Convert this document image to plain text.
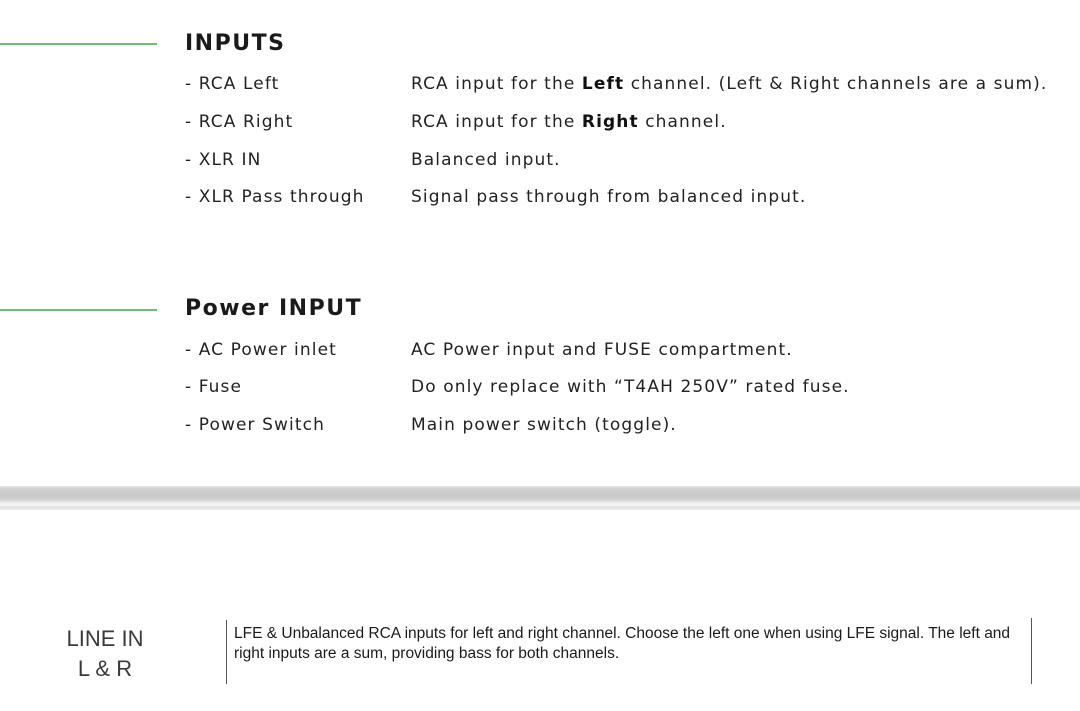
INPUTS
- RCA Left	RCA input for the Left channel. (Left & Right channels are a sum).
- RCA Right	RCA input for the Right channel.
- XLR IN	Balanced input.
- XLR Pass through	Signal pass through from balanced input.
Power INPUT
- AC Power inlet	AC Power input and FUSE compartment.
- Fuse	Do only replace with “T4AH 250V” rated fuse.
- Power Switch	Main power switch (toggle).
LINE IN
L & R
LFE & Unbalanced RCA inputs for left and right channel. Choose the left one when using LFE signal. The left and right inputs are a sum, providing bass for both channels.
